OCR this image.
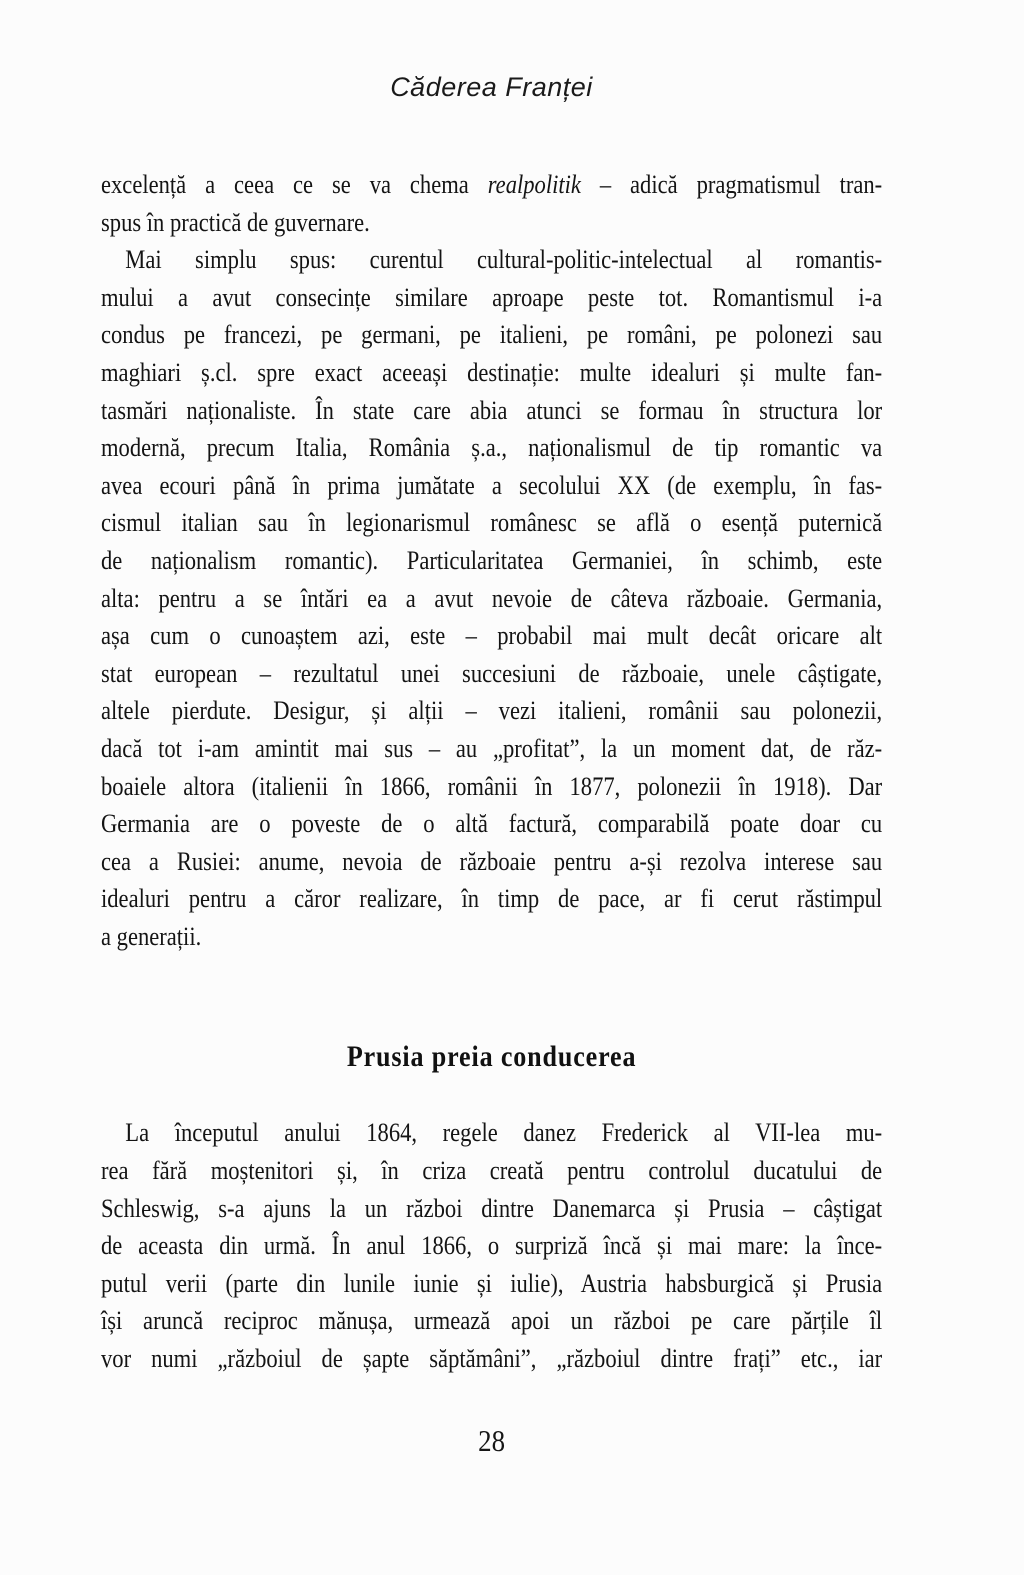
Căderea Franței
excelență a ceea ce se va chema realpolitik – adică pragmatismul tran-
spus în practică de guvernare.
Mai simplu spus: curentul cultural-politic-intelectual al romantis-
mului a avut consecințe similare aproape peste tot. Romantismul i-a
condus pe francezi, pe germani, pe italieni, pe români, pe polonezi sau
maghiari ș.cl. spre exact aceeași destinație: multe idealuri și multe fan-
tasmări naționaliste. În state care abia atunci se formau în structura lor
modernă, precum Italia, România ș.a., naționalismul de tip romantic va
avea ecouri până în prima jumătate a secolului XX (de exemplu, în fas-
cismul italian sau în legionarismul românesc se află o esență puternică
de naționalism romantic). Particularitatea Germaniei, în schimb, este
alta: pentru a se întări ea a avut nevoie de câteva războaie. Germania,
așa cum o cunoaștem azi, este – probabil mai mult decât oricare alt
stat european – rezultatul unei succesiuni de războaie, unele câștigate,
altele pierdute. Desigur, și alții – vezi italieni, românii sau polonezii,
dacă tot i-am amintit mai sus – au „profitat”, la un moment dat, de răz-
boaiele altora (italienii în 1866, românii în 1877, polonezii în 1918). Dar
Germania are o poveste de o altă factură, comparabilă poate doar cu
cea a Rusiei: anume, nevoia de războaie pentru a-și rezolva interese sau
idealuri pentru a căror realizare, în timp de pace, ar fi cerut răstimpul
a generații.
Prusia preia conducerea
La începutul anului 1864, regele danez Frederick al VII-lea mu-
rea fără moștenitori și, în criza creată pentru controlul ducatului de
Schleswig, s-a ajuns la un război dintre Danemarca și Prusia – câștigat
de aceasta din urmă. În anul 1866, o surpriză încă și mai mare: la înce-
putul verii (parte din lunile iunie și iulie), Austria habsburgică și Prusia
își aruncă reciproc mănușa, urmează apoi un război pe care părțile îl
vor numi „războiul de șapte săptămâni”, „războiul dintre frați” etc., iar
28
